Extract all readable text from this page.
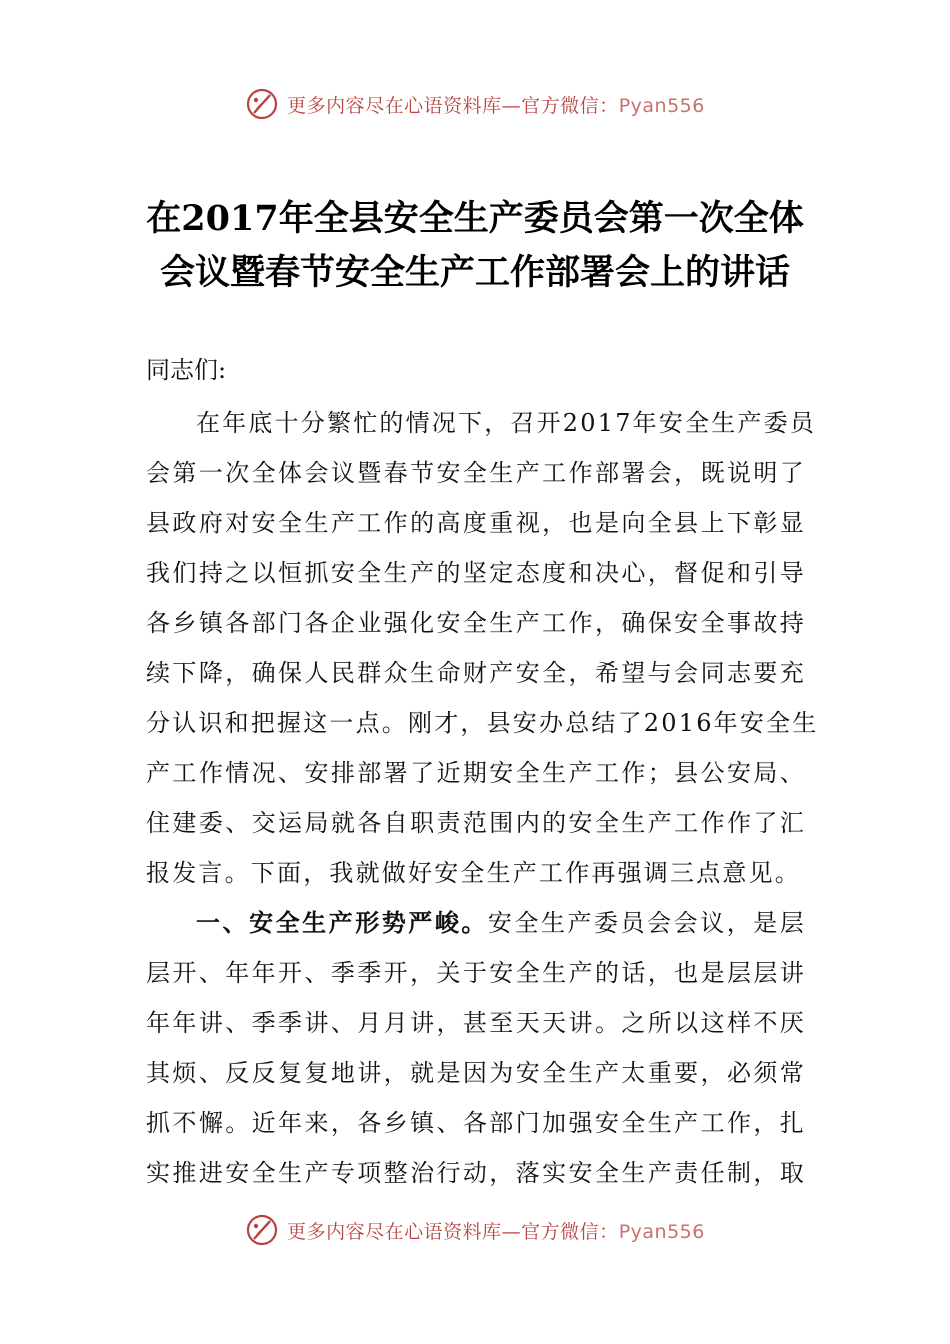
更多内容尽在心语资料库—官方微信：Pyan556
在2017年全县安全生产委员会第一次全体
会议暨春节安全生产工作部署会上的讲话
同志们:
在年底十分繁忙的情况下，召开2017年安全生产委员
会第一次全体会议暨春节安全生产工作部署会，既说明了
县政府对安全生产工作的高度重视，也是向全县上下彰显
我们持之以恒抓安全生产的坚定态度和决心，督促和引导
各乡镇各部门各企业强化安全生产工作，确保安全事故持
续下降，确保人民群众生命财产安全，希望与会同志要充
分认识和把握这一点。刚才，县安办总结了2016年安全生
产工作情况、安排部署了近期安全生产工作；县公安局、
住建委、交运局就各自职责范围内的安全生产工作作了汇
报发言。下面，我就做好安全生产工作再强调三点意见。
一、安全生产形势严峻。安全生产委员会会议，是层
层开、年年开、季季开，关于安全生产的话，也是层层讲
年年讲、季季讲、月月讲，甚至天天讲。之所以这样不厌
其烦、反反复复地讲，就是因为安全生产太重要，必须常
抓不懈。近年来，各乡镇、各部门加强安全生产工作，扎
实推进安全生产专项整治行动，落实安全生产责任制，取
更多内容尽在心语资料库—官方微信：Pyan556
